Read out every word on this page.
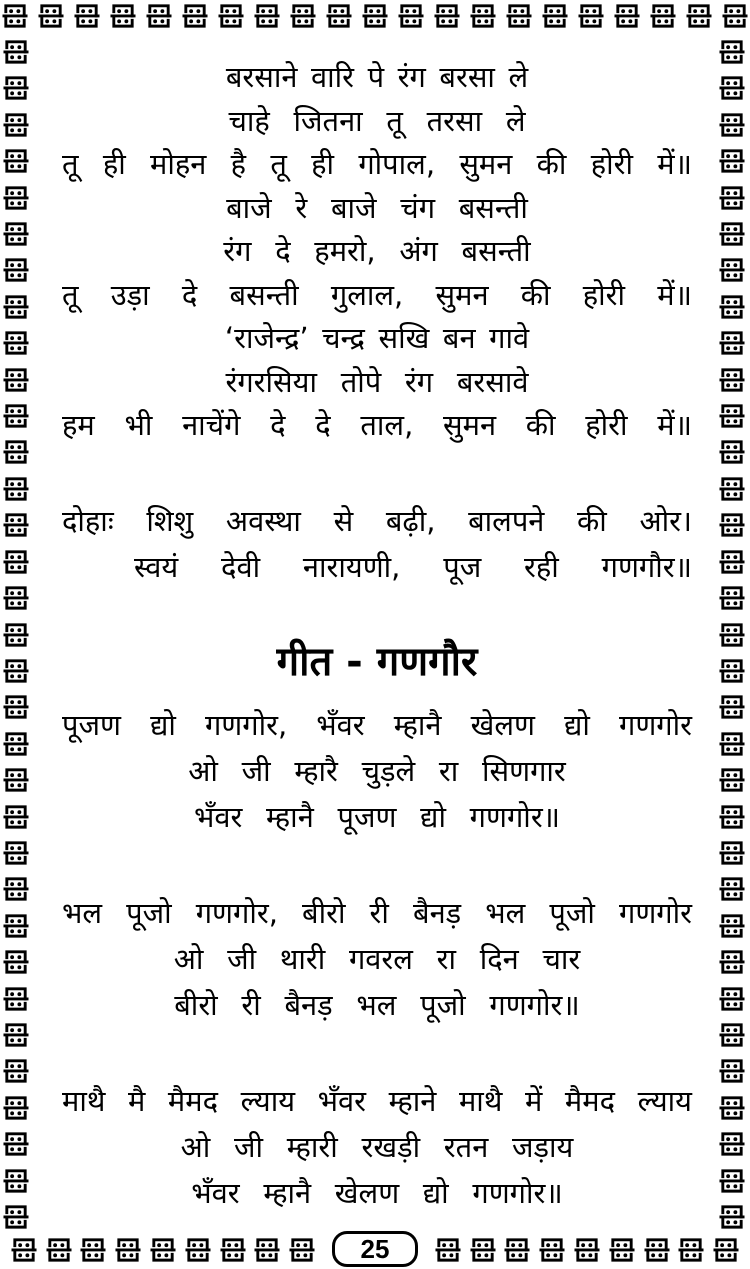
25
बरसाने वारि पे रंग बरसा ले
चाहे जितना तू तरसा ले
तू ही मोहन है तू ही गोपाल, सुमन की होरी में॥
बाजे रे बाजे चंग बसन्ती
रंग दे हमरो, अंग बसन्ती
तू उड़ा दे बसन्ती गुलाल, सुमन की होरी में॥
‘राजेन्द्र’ चन्द्र सखि बन गावे
रंगरसिया तोपे रंग बरसावे
हम भी नाचेंगे दे दे ताल, सुमन की होरी में॥
दोहाः शिशु अवस्था से बढ़ी, बालपने की ओर।
स्वयं देवी नारायणी, पूज रही गणगौर॥
गीत - गणगौर
पूजण द्यो गणगोर, भँवर म्हानै खेलण द्यो गणगोर
ओ जी म्हारै चुड़ले रा सिणगार
भँवर म्हानै पूजण द्यो गणगोर॥
भल पूजो गणगोर, बीरो री बैनड़ भल पूजो गणगोर
ओ जी थारी गवरल रा दिन चार
बीरो री बैनड़ भल पूजो गणगोर॥
माथै मै मैमद ल्याय भँवर म्हाने माथै में मैमद ल्याय
ओ जी म्हारी रखड़ी रतन जड़ाय
भँवर म्हानै खेलण द्यो गणगोर॥
